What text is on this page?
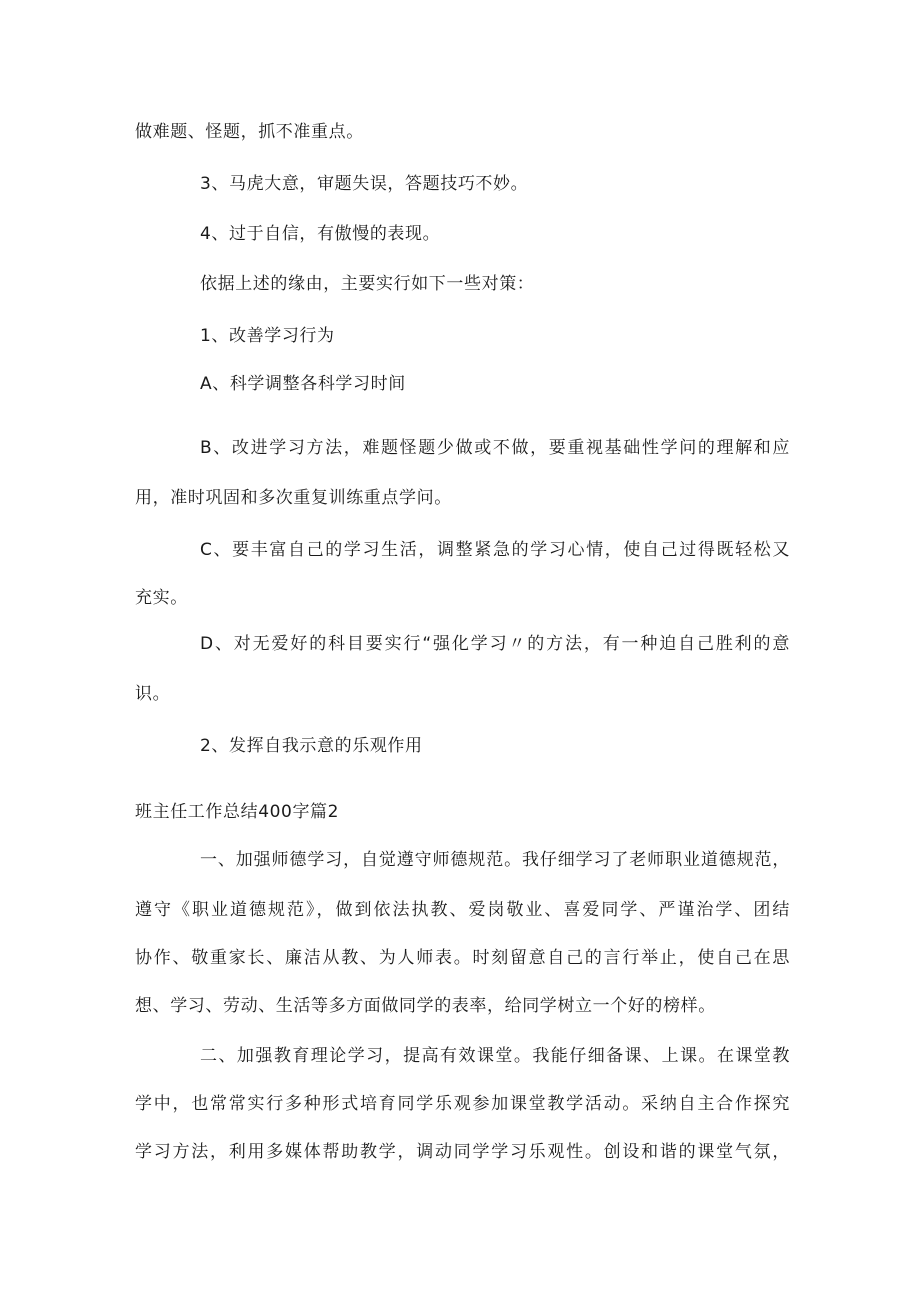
做难题、怪题，抓不准重点。
3、马虎大意，审题失误，答题技巧不妙。
4、过于自信，有傲慢的表现。
依据上述的缘由，主要实行如下一些对策：
1、改善学习行为
A、科学调整各科学习时间
B、改进学习方法，难题怪题少做或不做，要重视基础性学问的理解和应
用，准时巩固和多次重复训练重点学问。
C、要丰富自己的学习生活，调整紧急的学习心情，使自己过得既轻松又
充实。
D、对无爱好的科目要实行“强化学习〃的方法，有一种迫自己胜利的意
识。
2、发挥自我示意的乐观作用
班主任工作总结400字篇2
一、加强师德学习，自觉遵守师德规范。我仔细学习了老师职业道德规范，
遵守《职业道德规范》，做到依法执教、爱岗敬业、喜爱同学、严谨治学、团结
协作、敬重家长、廉洁从教、为人师表。时刻留意自己的言行举止，使自己在思
想、学习、劳动、生活等多方面做同学的表率，给同学树立一个好的榜样。
二、加强教育理论学习，提高有效课堂。我能仔细备课、上课。在课堂教
学中，也常常实行多种形式培育同学乐观参加课堂教学活动。采纳自主合作探究
学习方法，利用多媒体帮助教学，调动同学学习乐观性。创设和谐的课堂气氛，
